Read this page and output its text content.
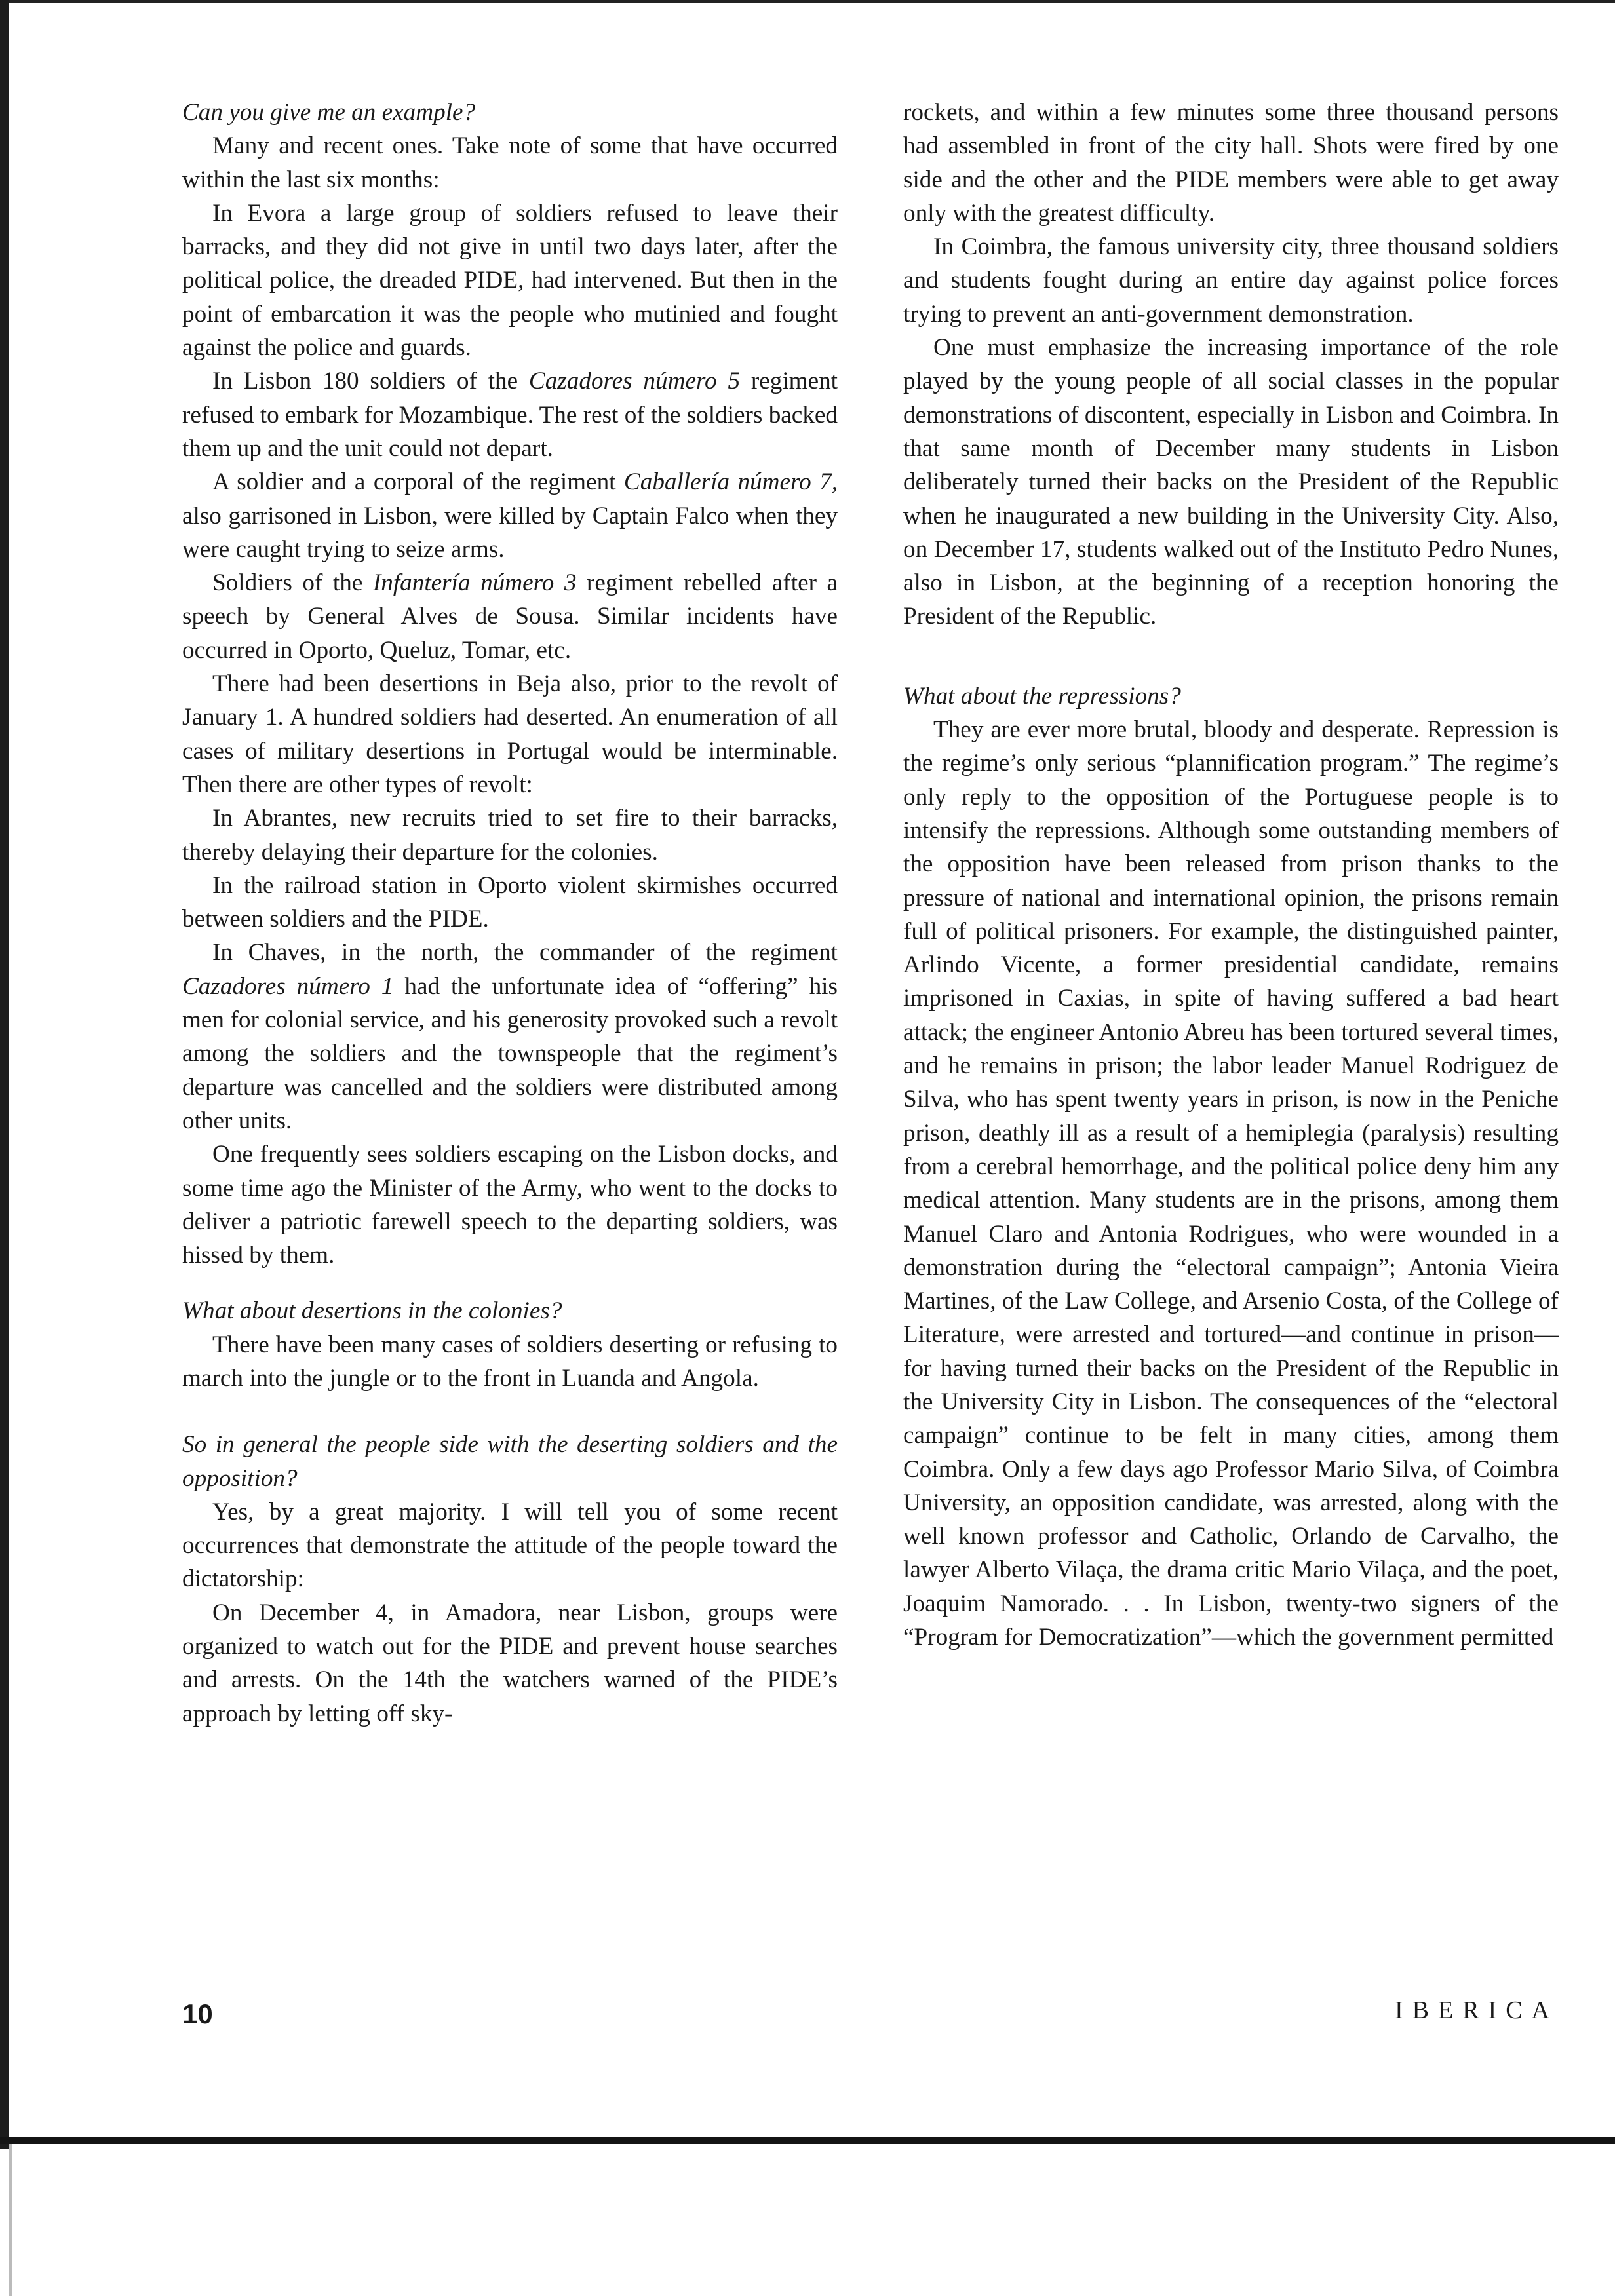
Can you give me an example?

Many and recent ones. Take note of some that have occurred within the last six months:

In Evora a large group of soldiers refused to leave their barracks, and they did not give in until two days later, after the political police, the dreaded PIDE, had intervened. But then in the point of embarcation it was the people who mutinied and fought against the police and guards.

In Lisbon 180 soldiers of the Cazadores número 5 regiment refused to embark for Mozambique. The rest of the soldiers backed them up and the unit could not depart.

A soldier and a corporal of the regiment Caballería número 7, also garrisoned in Lisbon, were killed by Captain Falco when they were caught trying to seize arms.

Soldiers of the Infantería número 3 regiment rebelled after a speech by General Alves de Sousa. Similar incidents have occurred in Oporto, Queluz, Tomar, etc.

There had been desertions in Beja also, prior to the revolt of January 1. A hundred soldiers had deserted. An enumeration of all cases of military desertions in Portugal would be interminable. Then there are other types of revolt:

In Abrantes, new recruits tried to set fire to their barracks, thereby delaying their departure for the colonies.

In the railroad station in Oporto violent skirmishes occurred between soldiers and the PIDE.

In Chaves, in the north, the commander of the regiment Cazadores número 1 had the unfortunate idea of “offering” his men for colonial service, and his generosity provoked such a revolt among the soldiers and the townspeople that the regiment’s departure was cancelled and the soldiers were distributed among other units.

One frequently sees soldiers escaping on the Lisbon docks, and some time ago the Minister of the Army, who went to the docks to deliver a patriotic farewell speech to the departing soldiers, was hissed by them.

What about desertions in the colonies?

There have been many cases of soldiers deserting or refusing to march into the jungle or to the front in Luanda and Angola.

So in general the people side with the deserting soldiers and the opposition?

Yes, by a great majority. I will tell you of some recent occurrences that demonstrate the attitude of the people toward the dictatorship:

On December 4, in Amadora, near Lisbon, groups were organized to watch out for the PIDE and prevent house searches and arrests. On the 14th the watchers warned of the PIDE’s approach by letting off sky-

rockets, and within a few minutes some three thousand persons had assembled in front of the city hall. Shots were fired by one side and the other and the PIDE members were able to get away only with the greatest difficulty.

In Coimbra, the famous university city, three thousand soldiers and students fought during an entire day against police forces trying to prevent an anti-government demonstration.

One must emphasize the increasing importance of the role played by the young people of all social classes in the popular demonstrations of discontent, especially in Lisbon and Coimbra. In that same month of December many students in Lisbon deliberately turned their backs on the President of the Republic when he inaugurated a new building in the University City. Also, on December 17, students walked out of the Instituto Pedro Nunes, also in Lisbon, at the beginning of a reception honoring the President of the Republic.

What about the repressions?

They are ever more brutal, bloody and desperate. Repression is the regime’s only serious “plannification program.” The regime’s only reply to the opposition of the Portuguese people is to intensify the repressions. Although some outstanding members of the opposition have been released from prison thanks to the pressure of national and international opinion, the prisons remain full of political prisoners. For example, the distinguished painter, Arlindo Vicente, a former presidential candidate, remains imprisoned in Caxias, in spite of having suffered a bad heart attack; the engineer Antonio Abreu has been tortured several times, and he remains in prison; the labor leader Manuel Rodriguez de Silva, who has spent twenty years in prison, is now in the Peniche prison, deathly ill as a result of a hemiplegia (paralysis) resulting from a cerebral hemorrhage, and the political police deny him any medical attention. Many students are in the prisons, among them Manuel Claro and Antonia Rodrigues, who were wounded in a demonstration during the “electoral campaign”; Antonia Vieira Martines, of the Law College, and Arsenio Costa, of the College of Literature, were arrested and tortured—and continue in prison—for having turned their backs on the President of the Republic in the University City in Lisbon. The consequences of the “electoral campaign” continue to be felt in many cities, among them Coimbra. Only a few days ago Professor Mario Silva, of Coimbra University, an opposition candidate, was arrested, along with the well known professor and Catholic, Orlando de Carvalho, the lawyer Alberto Vilaça, the drama critic Mario Vilaça, and the poet, Joaquim Namorado. . . In Lisbon, twenty-two signers of the “Program for Democratization”—which the government permitted

10	IBERICA
